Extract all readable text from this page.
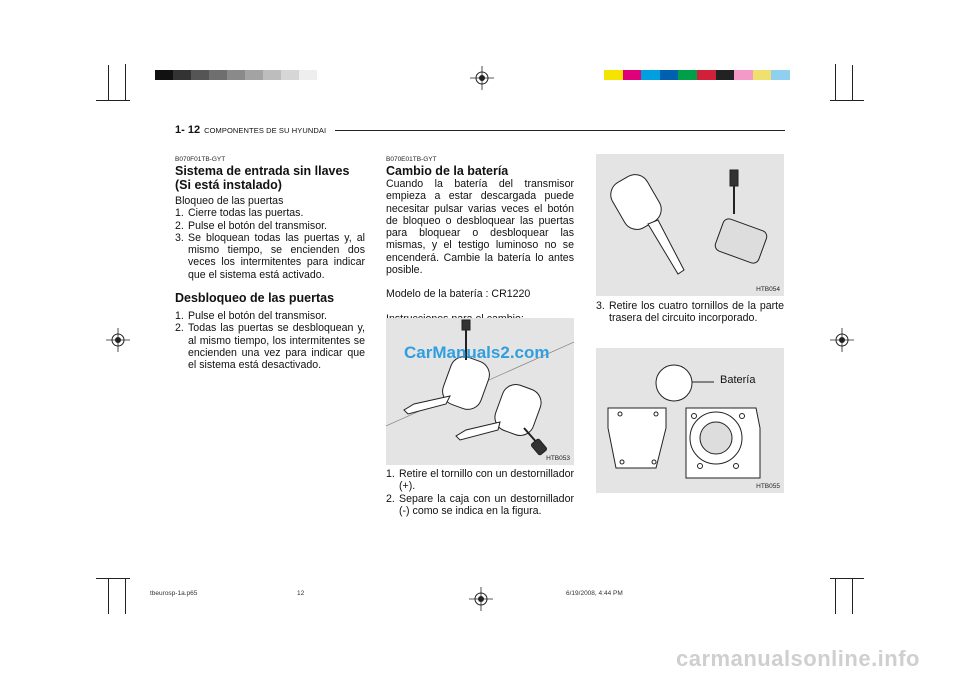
1- 12 COMPONENTES DE SU HYUNDAI
B070F01TB-GYT
Sistema de entrada sin llaves (Si está instalado)

Bloqueo de las puertas

1. Cierre todas las puertas.
2. Pulse el botón del transmisor.
3. Se bloquean todas las puertas y, al mismo tiempo, se encienden dos veces los intermitentes para indicar que el sistema está activado.
Desbloqueo de las puertas
1. Pulse el botón del transmisor.
2. Todas las puertas se desbloquean y, al mismo tiempo, los intermitentes se encienden una vez para indicar que el sistema está desactivado.
B070E01TB-GYT
Cambio de la batería

Cuando la batería del transmisor empieza a estar descargada puede necesitar pulsar varias veces el botón de bloqueo o desbloquear las puertas para bloquear o desbloquear las mismas, y el testigo luminoso no se encenderá. Cambie la batería lo antes posible.

Modelo de la batería : CR1220

CarManuals2.com
HTB053
1. Retire el tornillo con un destornillador (+).
2. Separe la caja con un destornillador (-) como se indica en la figura.
HTB054
3. Retire los cuatro tornillos de la parte trasera del circuito incorporado.
Batería
HTB055
tbeurosp-1a.p65	12	6/19/2008, 4:44 PM
carmanualsonline.info
